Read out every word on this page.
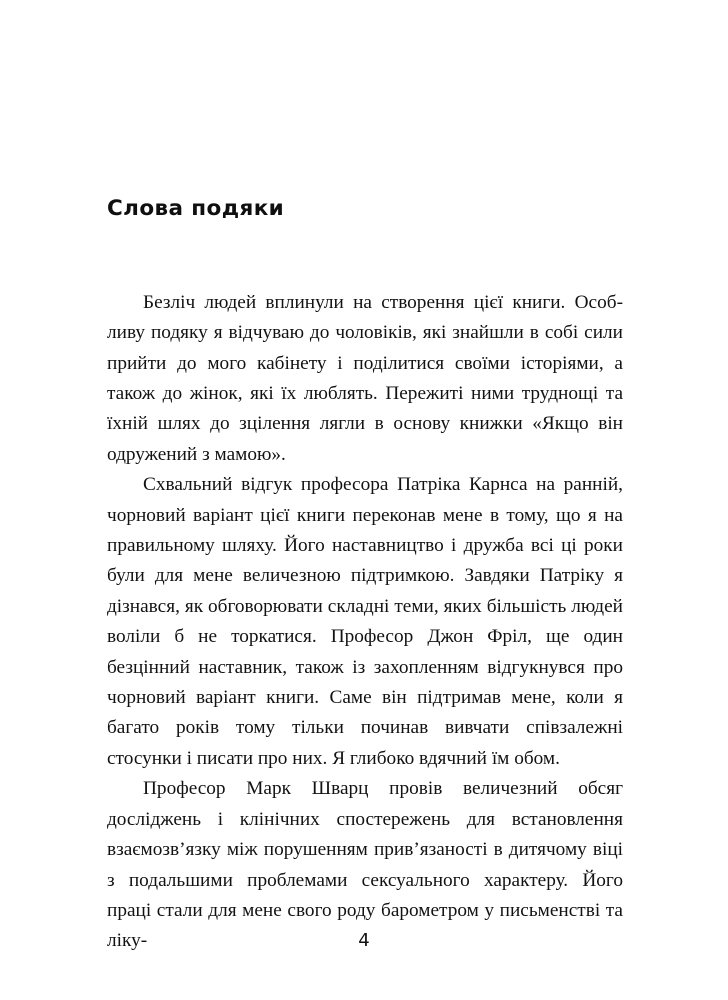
Слова подяки

Безліч людей вплинули на створення цієї книги. Особливу подяку я відчуваю до чоловіків, які знайшли в собі сили прийти до мого кабінету і поділитися своїми історіями, а також до жінок, які їх люблять. Пережиті ними труднощі та їхній шлях до зцілення лягли в основу книжки «Якщо він одружений з мамою».

Схвальний відгук професора Патріка Карнса на ранній, чорновий варіант цієї книги переконав мене в тому, що я на правильному шляху. Його наставництво і дружба всі ці роки були для мене величезною підтримкою. Завдяки Патріку я дізнався, як обговорювати складні теми, яких більшість людей воліли б не торкатися. Професор Джон Фріл, ще один безцінний наставник, також із захопленням відгукнувся про чорновий варіант книги. Саме він підтримав мене, коли я багато років тому тільки починав вивчати співзалежні стосунки і писати про них. Я глибоко вдячний їм обом.

Професор Марк Шварц провів величезний обсяг досліджень і клінічних спостережень для встановлення взаємозв’язку між порушенням прив’язаності в дитячому віці з подальшими проблемами сексуального характеру. Його праці стали для мене свого роду барометром у письменстві та ліку-	4
